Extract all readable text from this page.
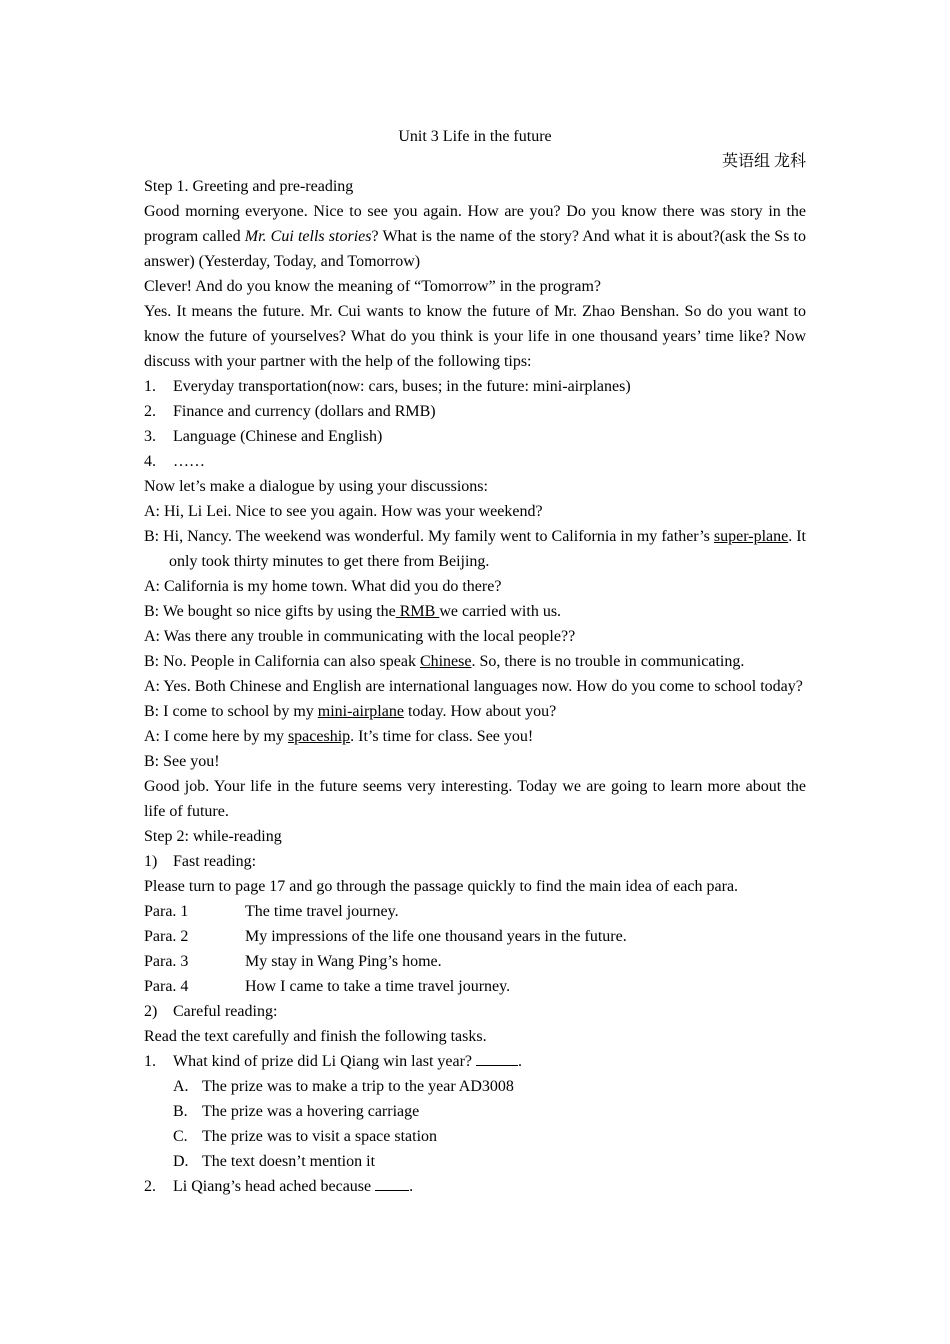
Unit 3 Life in the future

英语组 龙科

Step 1. Greeting and pre-reading

Good morning everyone. Nice to see you again. How are you? Do you know there was story in the program called Mr. Cui tells stories? What is the name of the story? And what it is about?(ask the Ss to answer) (Yesterday, Today, and Tomorrow)

Clever! And do you know the meaning of “Tomorrow” in the program?

Yes. It means the future. Mr. Cui wants to know the future of Mr. Zhao Benshan. So do you want to know the future of yourselves? What do you think is your life in one thousand years’ time like? Now discuss with your partner with the help of the following tips:

1. Everyday transportation(now: cars, buses; in the future: mini-airplanes)

2. Finance and currency (dollars and RMB)

3. Language (Chinese and English)

4. ……

Now let’s make a dialogue by using your discussions:

A: Hi, Li Lei. Nice to see you again. How was your weekend?

B: Hi, Nancy. The weekend was wonderful. My family went to California in my father’s super-plane. It only took thirty minutes to get there from Beijing.

A: California is my home town. What did you do there?

B: We bought so nice gifts by using the RMB we carried with us.

A: Was there any trouble in communicating with the local people??

B: No. People in California can also speak Chinese. So, there is no trouble in communicating.

A: Yes. Both Chinese and English are international languages now. How do you come to school today?

B: I come to school by my mini-airplane today. How about you?

A: I come here by my spaceship. It’s time for class. See you!

B: See you!

Good job. Your life in the future seems very interesting. Today we are going to learn more about the life of future.

Step 2: while-reading

1) Fast reading:

Please turn to page 17 and go through the passage quickly to find the main idea of each para.

Para. 1	The time travel journey.

Para. 2	My impressions of the life one thousand years in the future.

Para. 3	My stay in Wang Ping’s home.

Para. 4	How I came to take a time travel journey.

2) Careful reading:

Read the text carefully and finish the following tasks.

1. What kind of prize did Li Qiang win last year?	.

A. The prize was to make a trip to the year AD3008

B. The prize was a hovering carriage

C. The prize was to visit a space station

D. The text doesn’t mention it

2. Li Qiang’s head ached because .
